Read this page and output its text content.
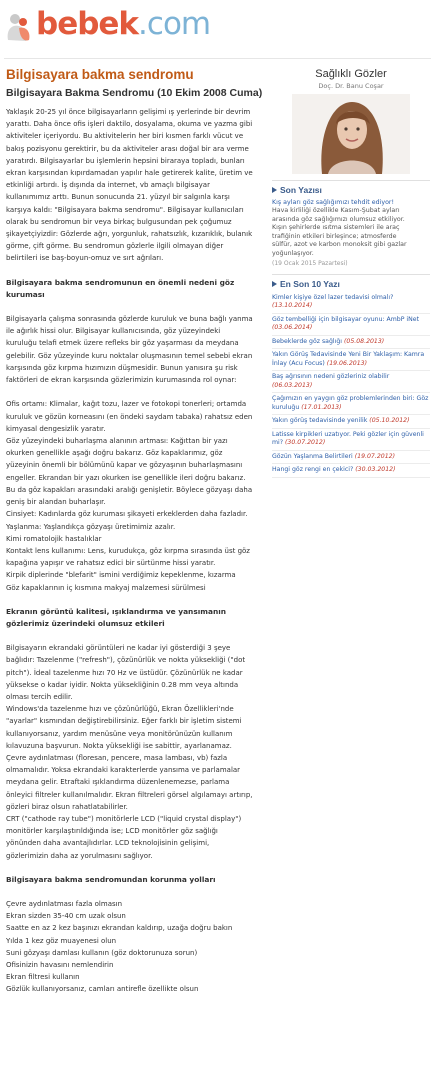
bebek.com
Bilgisayara bakma sendromu
Bilgisayara Bakma Sendromu (10 Ekim 2008 Cuma)
Yaklaşık 20-25 yıl önce bilgisayarların gelişimi ış yerlerinde bir devrim
yarattı. Daha önce ofis işleri daktilo, dosyalama, okuma ve yazma gibi
aktiviteler içeriyordu. Bu aktivitelerin her biri kısmen farklı vücut ve
bakış pozisyonu gerektirir, bu da aktiviteler arası doğal bir ara verme
yaratırdı. Bilgisayarlar bu işlemlerin hepsini biraraya topladı, bunları
ekran karşısından kıpırdamadan yapılır hale getirerek kalite, üretim ve
etkinliği artırdı. İş dışında da internet, vb amaçlı bilgisayar
kullanımımız arttı. Bunun sonucunda 21. yüzyıl bir salgınla karşı
karşıya kaldı: "Bilgisayara bakma sendromu". Bilgisayar kullanıcıları
olarak bu sendromun bir veya birkaç bulgusundan pek çoğumuz
şikayetçiyizdir: Gözlerde ağrı, yorgunluk, rahatsızlık, kızarıklık, bulanık
görme, çift görme. Bu sendromun gözlerle ilgili olmayan diğer
belirtileri ise baş-boyun-omuz ve sırt ağrıları.
Bilgisayara bakma sendromunun en önemli nedeni göz
kuruması
Bilgisayarla çalışma sonrasında gözlerde kuruluk ve buna bağlı yanma
ile ağırlık hissi olur. Bilgisayar kullanıcısında, göz yüzeyindeki
kuruluğu telafi etmek üzere refleks bir göz yaşarması da meydana
gelebilir. Göz yüzeyinde kuru noktalar oluşmasının temel sebebi ekran
karşısında göz kırpma hızımızın düşmesidir. Bunun yanısıra şu risk
faktörleri de ekran karşısında gözlerimizin kurumasında rol oynar:

Ofis ortamı: Klimalar, kağıt tozu, lazer ve fotokopi tonerleri; ortamda
kuruluk ve gözün korneasını (en öndeki saydam tabaka) rahatsız eden
kimyasal dengesizlik yaratır.
Göz yüzeyindeki buharlaşma alanının artması: Kağıttan bir yazı
okurken genellikle aşağı doğru bakarız. Göz kapaklarımız, göz
yüzeyinin önemli bir bölümünü kapar ve gözyaşının buharlaşmasını
engeller. Ekrandan bir yazı okurken ise genellikle ileri doğru bakarız.
Bu da göz kapakları arasındaki aralığı genişletir. Böylece gözyaşı daha
geniş bir alandan buharlaşır.
Cinsiyet: Kadınlarda göz kuruması şikayeti erkeklerden daha fazladır.
Yaşlanma: Yaşlandıkça gözyaşı üretimimiz azalır.
Kimi romatolojik hastalıklar
Kontakt lens kullanımı: Lens, kurudukça, göz kırpma sırasında üst göz
kapağına yapışır ve rahatsız edici bir sürtünme hissi yaratır.
Kirpik diplerinde "blefarit" ismini verdiğimiz kepeklenme, kızarma
Göz kapaklarının iç kısmına makyaj malzemesi sürülmesi
Ekranın görüntü kalitesi, ışıklandırma ve yansımanın
gözlerimiz üzerindeki olumsuz etkileri
Bilgisayarın ekrandaki görüntüleri ne kadar iyi gösterdiği 3 şeye
bağlıdır: Tazelenme ("refresh"), çözünürlük ve nokta yüksekliği ("dot
pitch"). İdeal tazelenme hızı 70 Hz ve üstüdür. Çözünürlük ne kadar
yüksekse o kadar iyidir. Nokta yüksekliğinin 0.28 mm veya altında
olması tercih edilir.
Windows'da tazelenme hızı ve çözünürlüğü, Ekran Özellikleri'nde
"ayarlar" kısmından değiştirebilirsiniz. Eğer farklı bir işletim sistemi
kullanıyorsanız, yardım menüsüne veya monitörünüzün kullanım
kılavuzuna başvurun. Nokta yüksekliği ise sabittir, ayarlanamaz.
Çevre aydınlatması (floresan, pencere, masa lambası, vb) fazla
olmamalıdır. Yoksa ekrandaki karakterlerde yansıma ve parlamalar
meydana gelir. Etraftaki ışıklandırma düzenlenemezse, parlama
önleyici filtreler kullanılmalıdır. Ekran filtreleri görsel algılamayı artırıp,
gözleri biraz olsun rahatlatabilirler.
CRT ("cathode ray tube") monitörlerle LCD ("liquid crystal display")
monitörler karşılaştırıldığında ise; LCD monitörler göz sağlığı
yönünden daha avantajlıdırlar. LCD teknolojisinin gelişimi,
gözlerimizin daha az yorulmasını sağlıyor.
Bilgisayara bakma sendromundan korunma yolları
Çevre aydınlatması fazla olmasın
Ekran sizden 35-40 cm uzak olsun
Saatte en az 2 kez başınızı ekrandan kaldırıp, uzağa doğru bakın
Yılda 1 kez göz muayenesi olun
Suni gözyaşı damlası kullanın (göz doktorunuza sorun)
Ofisinizin havasını nemlendirin
Ekran filtresi kullanın
Gözlük kullanıyorsanız, camları antirefle özellikte olsun
Sağlıklı Gözler
Doç. Dr. Banu Coşar
Son Yazısı
Kış ayları göz sağlığımızı tehdit ediyor!
Hava kirliliği özellikle Kasım-Şubat ayları
arasında göz sağlığımızı olumsuz etkiliyor.
Kışın şehirlerde ısıtma sistemleri ile araç
trafiğinin etkileri birleşince; atmosferde
sülfür, azot ve karbon monoksit gibi gazlar
yoğunlaşıyor.
(19 Ocak 2015 Pazartesi)
En Son 10 Yazı
Kimler kişiye özel lazer tedavisi olmalı? (13.10.2014)
Göz tembelliği için bilgisayar oyunu: AmbP iNet (03.06.2014)
Bebeklerde göz sağlığı (05.08.2013)
Yakın Görüş Tedavisinde Yeni Bir Yaklaşım: Kamra İnlay (Acu Focus) (19.06.2013)
Baş ağrısının nedeni gözleriniz olabilir (06.03.2013)
Çağımızın en yaygın göz problemlerinden biri: Göz kuruluğu (17.01.2013)
Yakın görüş tedavisinde yenilik (05.10.2012)
Latisse kirpikleri uzatıyor. Peki gözler için güvenli mi? (30.07.2012)
Gözün Yaşlanma Belirtileri (19.07.2012)
Hangi göz rengi en çekici? (30.03.2012)
